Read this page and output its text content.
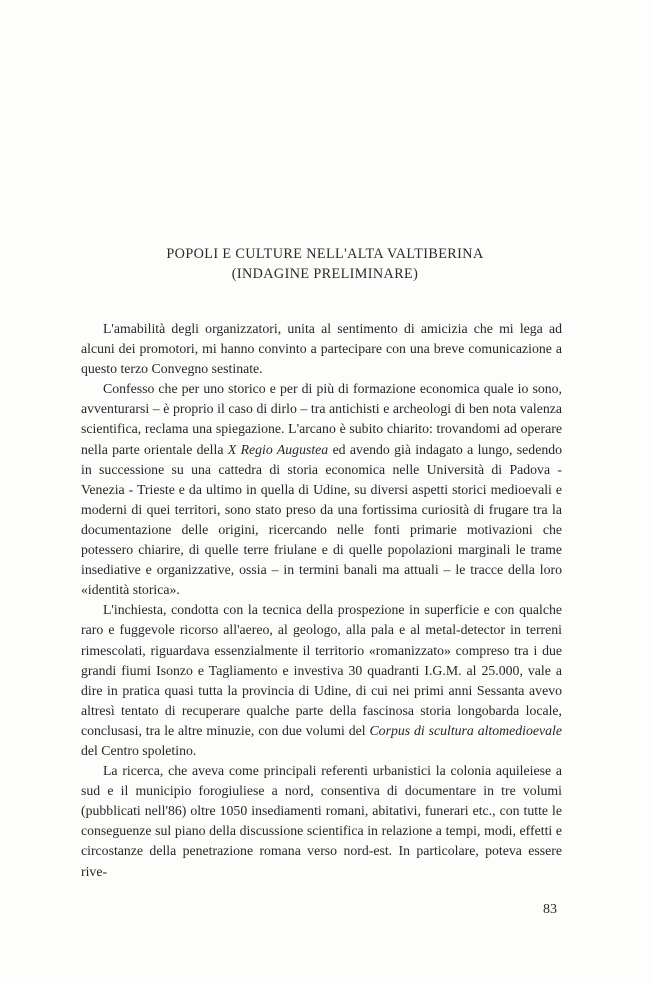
POPOLI E CULTURE NELL'ALTA VALTIBERINA
(INDAGINE PRELIMINARE)

L'amabilità degli organizzatori, unita al sentimento di amicizia che mi lega ad alcuni dei promotori, mi hanno convinto a partecipare con una breve comunicazione a questo terzo Convegno sestinate.

Confesso che per uno storico e per di più di formazione economica quale io sono, avventurarsi – è proprio il caso di dirlo – tra antichisti e archeologi di ben nota valenza scientifica, reclama una spiegazione. L'arcano è subito chiarito: trovandomi ad operare nella parte orientale della X Regio Augustea ed avendo già indagato a lungo, sedendo in successione su una cattedra di storia economica nelle Università di Padova - Venezia - Trieste e da ultimo in quella di Udine, su diversi aspetti storici medioevali e moderni di quei territori, sono stato preso da una fortissima curiosità di frugare tra la documentazione delle origini, ricercando nelle fonti primarie motivazioni che potessero chiarire, di quelle terre friulane e di quelle popolazioni marginali le trame insediative e organizzative, ossia – in termini banali ma attuali – le tracce della loro «identità storica».

L'inchiesta, condotta con la tecnica della prospezione in superficie e con qualche raro e fuggevole ricorso all'aereo, al geologo, alla pala e al metal-detector in terreni rimescolati, riguardava essenzialmente il territorio «romanizzato» compreso tra i due grandi fiumi Isonzo e Tagliamento e investiva 30 quadranti I.G.M. al 25.000, vale a dire in pratica quasi tutta la provincia di Udine, di cui nei primi anni Sessanta avevo altresì tentato di recuperare qualche parte della fascinosa storia longobarda locale, conclusasi, tra le altre minuzie, con due volumi del Corpus di scultura altomedioevale del Centro spoletino.

La ricerca, che aveva come principali referenti urbanistici la colonia aquileiese a sud e il municipio forogiuliese a nord, consentiva di documentare in tre volumi (pubblicati nell'86) oltre 1050 insediamenti romani, abitativi, funerari etc., con tutte le conseguenze sul piano della discussione scientifica in relazione a tempi, modi, effetti e circostanze della penetrazione romana verso nord-est. In particolare, poteva essere rive-

83
